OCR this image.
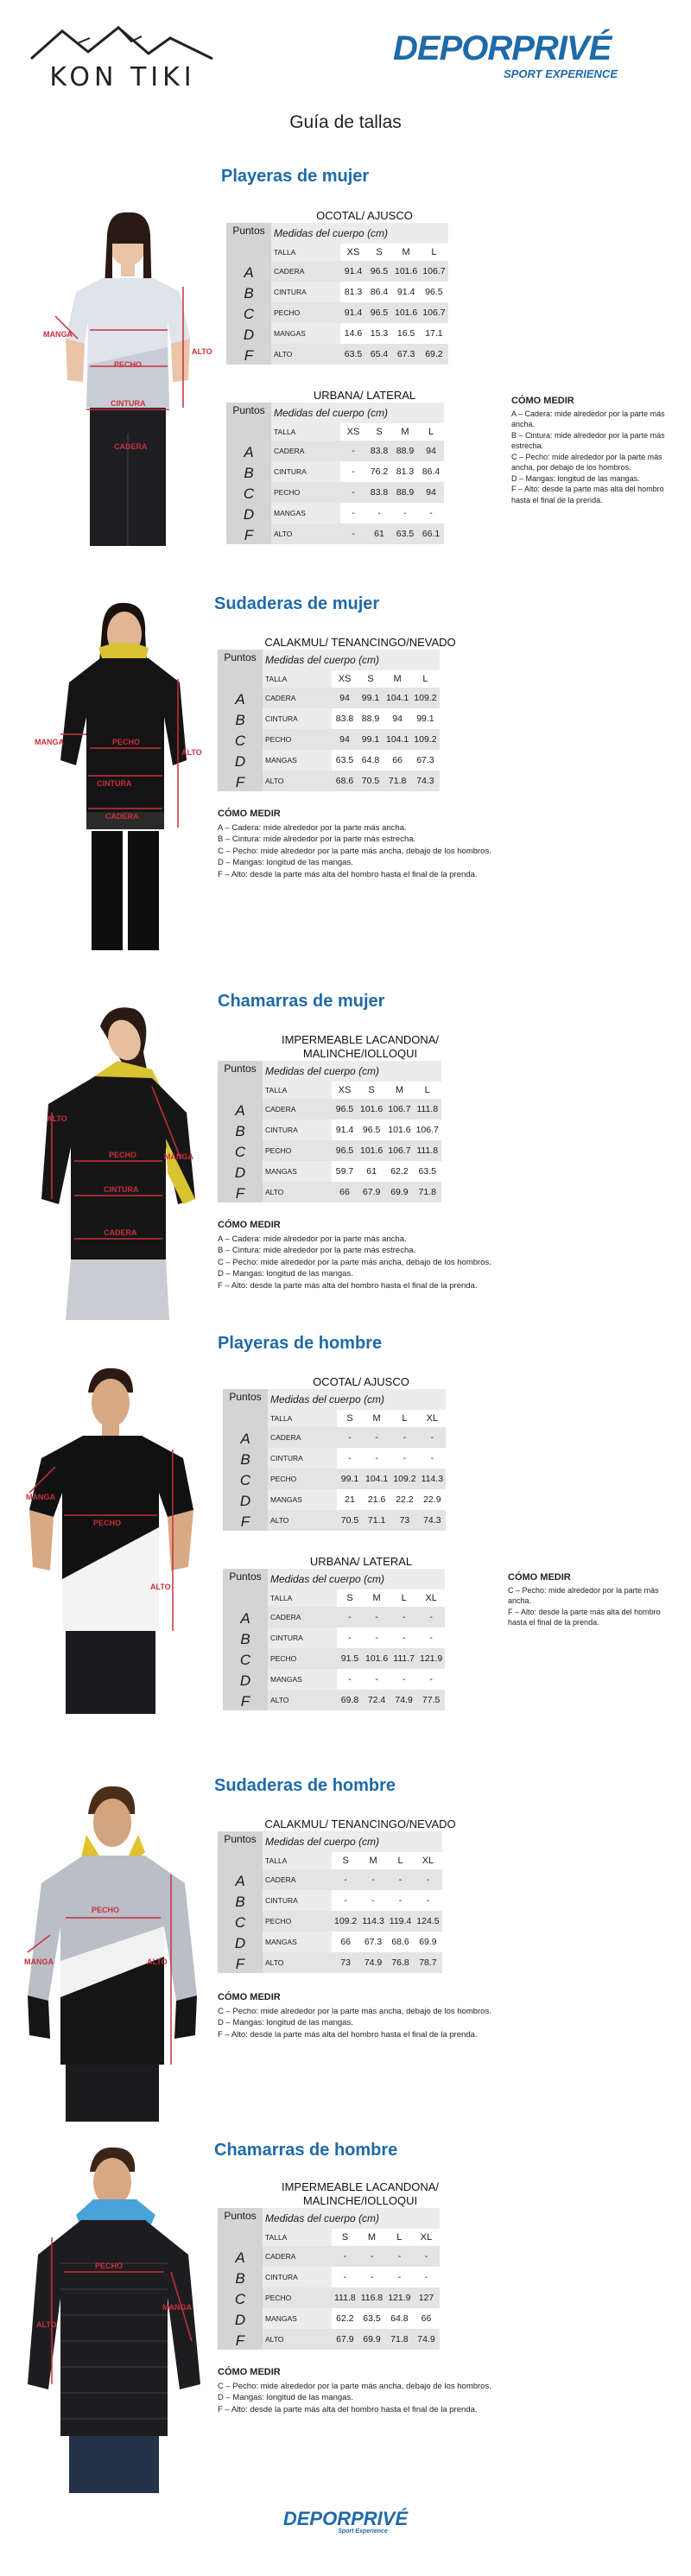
KON TIKI
DEPORPRIVÉ
SPORT EXPERIENCE
Guía de tallas
Playeras de mujer
MANGA
PECHO
ALTO
CINTURA
CADERA
OCOTAL/ AJUSCO
Puntos	Medidas del cuerpo (cm)				
A	TALLA	XS	S	M	L
	CADERA	91.4	96.5	101.6	106.7
B	CINTURA	81.3	86.4	91.4	96.5
C	PECHO	91.4	96.5	101.6	106.7
D	MANGAS	14.6	15.3	16.5	17.1
F	ALTO	63.5	65.4	67.3	69.2
URBANA/ LATERAL
Puntos	Medidas del cuerpo (cm)				
A	TALLA	XS	S	M	L
	CADERA	-	83.8	88.9	94
B	CINTURA	-	76.2	81.3	86.4
C	PECHO	-	83.8	88.9	94
D	MANGAS	-	-	-	-
F	ALTO	-	61	63.5	66.1
CÓMO MEDIR
A – Cadera: mide alrededor por la parte más ancha.
B – Cintura: mide alrededor por la parte más estrecha.
C – Pecho: mide alrededor por la parte más ancha, por debajo de los hombros.
D – Mangas: longitud de las mangas.
F – Alto: desde la parte más alta del hombro hasta el final de la prenda.
Sudaderas de mujer
MANGA	PECHO
ALTO
CINTURA
CADERA
CALAKMUL/ TENANCINGO/NEVADO
Puntos	Medidas del cuerpo (cm)				
A	TALLA	XS	S	M	L
	CADERA	94	99.1	104.1	109.2
B	CINTURA	83.8	88.9	94	99.1
C	PECHO	94	99.1	104.1	109.2
D	MANGAS	63.5	64.8	66	67.3
F	ALTO	68.6	70.5	71.8	74.3
CÓMO MEDIR
A – Cadera: mide alrededor por la parte más ancha.
B – Cintura: mide alrededor por la parte más estrecha.
C – Pecho: mide alrededor por la parte más ancha, debajo de los hombros.
D – Mangas: longitud de las mangas.
F – Alto: desde la parte más alta del hombro hasta el final de la prenda.
Chamarras de mujer
ALTO
PECHO	MANGA
CINTURA
CADERA
IMPERMEABLE LACANDONA/
MALINCHE/IOLLOQUI
Puntos	Medidas del cuerpo (cm)				
A	TALLA	XS	S	M	L
	CADERA	96.5	101.6	106.7	111.8
B	CINTURA	91.4	96.5	101.6	106.7
C	PECHO	96.5	101.6	106.7	111.8
D	MANGAS	59.7	61	62.2	63.5
F	ALTO	66	67.9	69.9	71.8
CÓMO MEDIR
A – Cadera: mide alrededor por la parte más ancha.
B – Cintura: mide alrededor por la parte más estrecha.
C – Pecho: mide alrededor por la parte más ancha, debajo de los hombros.
D – Mangas: longitud de las mangas.
F – Alto: desde la parte más alta del hombro hasta el final de la prenda.
Playeras de hombre
MANGA
PECHO
ALTO
OCOTAL/ AJUSCO
Puntos	Medidas del cuerpo (cm)				
A	TALLA	S	M	L	XL
	CADERA	-	-	-	-
B	CINTURA	-	-	-	-
C	PECHO	99.1	104.1	109.2	114.3
D	MANGAS	21	21.6	22.2	22.9
F	ALTO	70.5	71.1	73	74.3
URBANA/ LATERAL
Puntos	Medidas del cuerpo (cm)				
A	TALLA	S	M	L	XL
	CADERA	-	-	-	-
B	CINTURA	-	-	-	-
C	PECHO	91.5	101.6	111.7	121.9
D	MANGAS	-	-	-	-
F	ALTO	69.8	72.4	74.9	77.5
CÓMO MEDIR
C – Pecho: mide alrededor por la parte más ancha.
F – Alto: desde la parte más alta del hombro hasta el final de la prenda.
Sudaderas de hombre
PECHO
MANGA	ALTO
CALAKMUL/ TENANCINGO/NEVADO
Puntos	Medidas del cuerpo (cm)				
A	TALLA	S	M	L	XL
	CADERA	-	-	-	-
B	CINTURA	-	-	-	-
C	PECHO	109.2	114.3	119.4	124.5
D	MANGAS	66	67.3	68.6	69.9
F	ALTO	73	74.9	76.8	78.7
CÓMO MEDIR
C – Pecho: mide alrededor por la parte más ancha, debajo de los hombros.
D – Mangas: longitud de las mangas.
F – Alto: desde la parte más alta del hombro hasta el final de la prenda.
Chamarras de hombre
PECHO
ALTO
MANGA
IMPERMEABLE LACANDONA/
MALINCHE/IOLLOQUI
Puntos	Medidas del cuerpo (cm)				
A	TALLA	S	M	L	XL
	CADERA	-	-	-	-
B	CINTURA	-	-	-	-
C	PECHO	111.8	116.8	121.9	127
D	MANGAS	62.2	63.5	64.8	66
F	ALTO	67.9	69.9	71.8	74.9
CÓMO MEDIR
C – Pecho: mide alrededor por la parte más ancha, debajo de los hombros.
D – Mangas: longitud de las mangas.
F – Alto: desde la parte más alta del hombro hasta el final de la prenda.
DEPORPRIVÉ
Sport Experience
